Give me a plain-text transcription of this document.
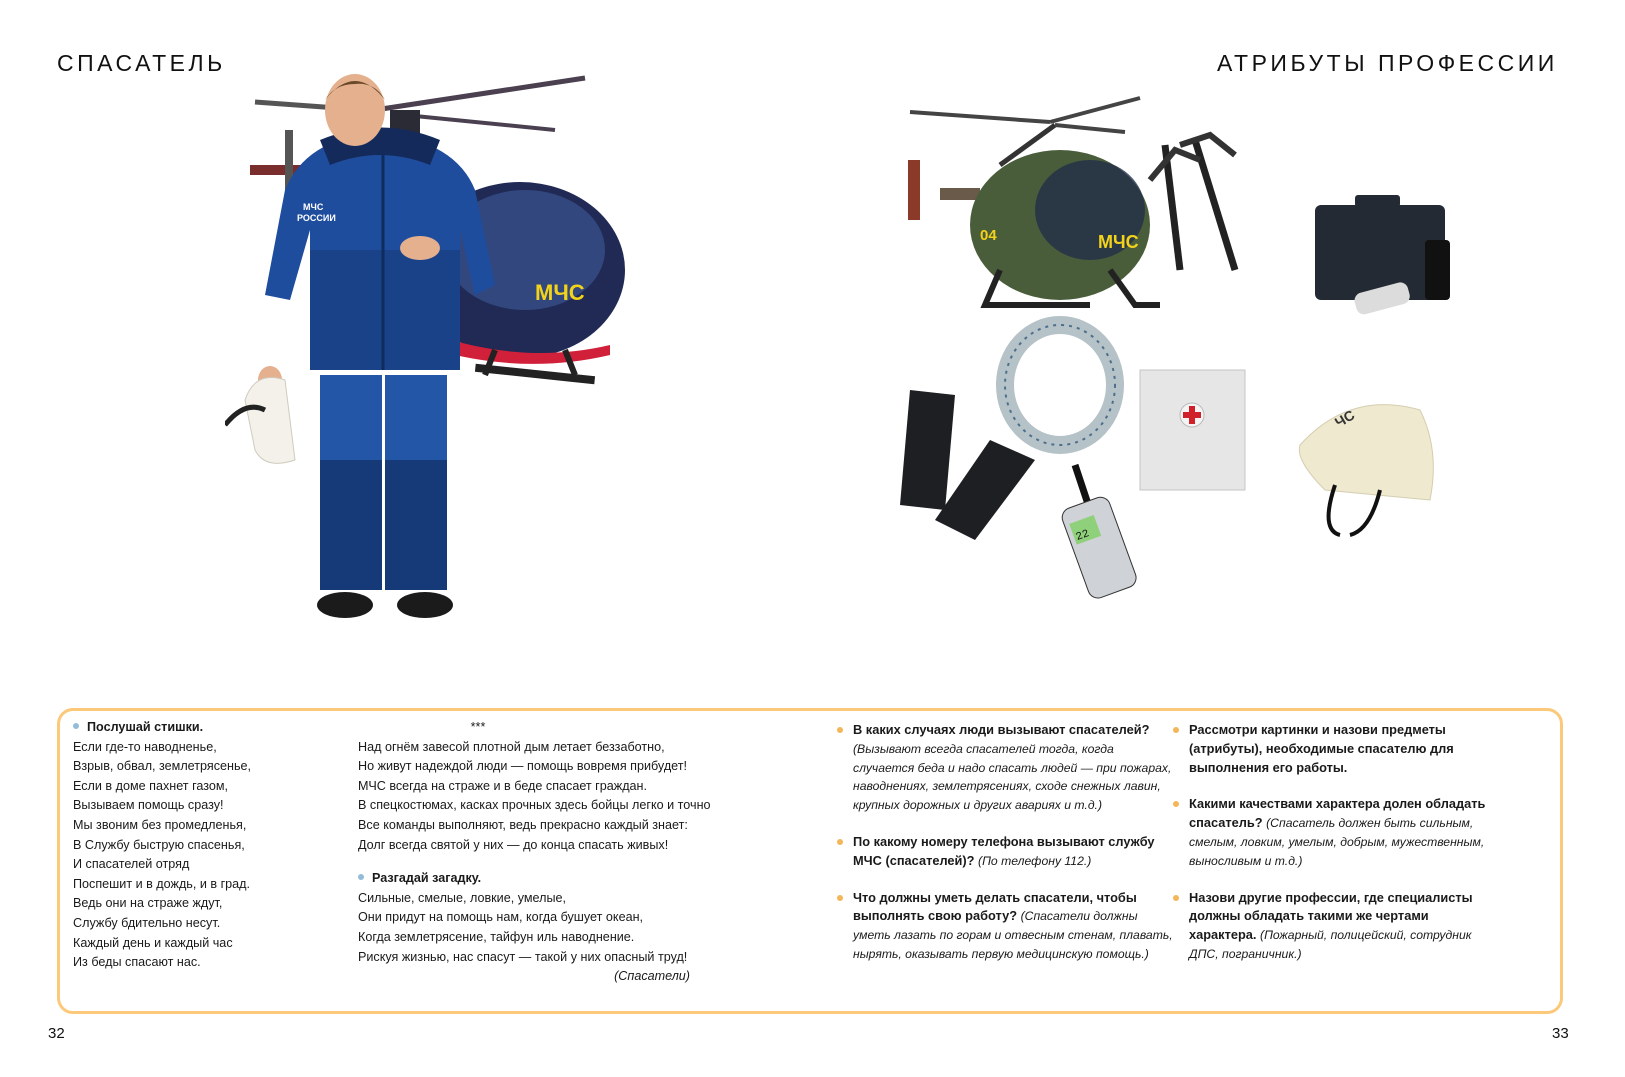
СПАСАТЕЛЬ	АТРИБУТЫ ПРОФЕССИИ
МЧС
МЧС
РОССИИ
МЧС
04
ЧС
22
Послушай стишки.
Если где-то наводненье,
Взрыв, обвал, землетрясенье,
Если в доме пахнет газом,
Вызываем помощь сразу!
Мы звоним без промедленья,
В Службу быструю спасенья,
И спасателей отряд
Поспешит и в дождь, и в град.
Ведь они на страже ждут,
Службу бдительно несут.
Каждый день и каждый час
Из беды спасают нас.
***
Над огнём завесой плотной дым летает беззаботно,
Но живут надеждой люди — помощь вовремя прибудет!
МЧС всегда на страже и в беде спасает граждан.
В спецкостюмах, касках прочных здесь бойцы легко и точно
Все команды выполняют, ведь прекрасно каждый знает:
Долг всегда святой у них — до конца спасать живых!
Разгадай загадку.
Сильные, смелые, ловкие, умелые,
Они придут на помощь нам, когда бушует океан,
Когда землетрясение, тайфун иль наводнение.
Рискуя жизнью, нас спасут — такой у них опасный труд!
(Спасатели)
В каких случаях люди вызывают спасателей? (Вызывают всегда спасателей тогда, когда случается беда и надо спасать людей — при пожарах, наводнениях, землетрясениях, сходе снежных лавин, крупных дорожных и других авариях и т.д.)
По какому номеру телефона вызывают службу МЧС (спасателей)? (По телефону 112.)
Что должны уметь делать спасатели, чтобы выполнять свою работу? (Спасатели должны уметь лазать по горам и отвесным стенам, плавать, нырять, оказывать первую медицинскую помощь.)
Рассмотри картинки и назови предметы (атрибуты), необходимые спасателю для выполнения его работы.
Какими качествами характера долен обладать спасатель? (Спасатель должен быть сильным, смелым, ловким, умелым, добрым, мужественным, выносливым и т.д.)
Назови другие профессии, где специалисты должны обладать такими же чертами характера. (Пожарный, полицейский, сотрудник ДПС, пограничник.)
32	33
